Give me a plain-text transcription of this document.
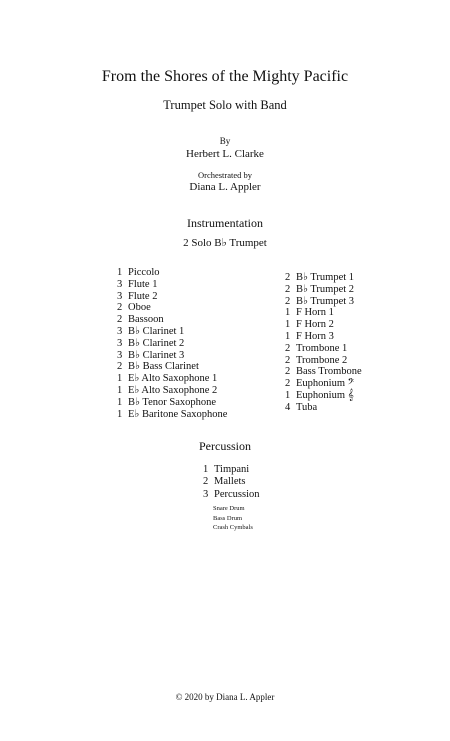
From the Shores of the Mighty Pacific
Trumpet Solo with Band
By
Herbert L. Clarke
Orchestrated by
Diana L. Appler
Instrumentation
2 Solo B♭ Trumpet
1 Piccolo
3 Flute 1
3 Flute 2
2 Oboe
2 Bassoon
3 B♭ Clarinet 1
3 B♭ Clarinet 2
3 B♭ Clarinet 3
2 B♭ Bass Clarinet
1 E♭ Alto Saxophone 1
1 E♭ Alto Saxophone 2
1 B♭ Tenor Saxophone
1 E♭ Baritone Saxophone
2 B♭ Trumpet 1
2 B♭ Trumpet 2
2 B♭ Trumpet 3
1 F Horn 1
1 F Horn 2
1 F Horn 3
2 Trombone 1
2 Trombone 2
2 Bass Trombone
2 Euphonium 𝄢
1 Euphonium 𝄞
4 Tuba
Percussion
1 Timpani
2 Mallets
3 Percussion
Snare Drum
Bass Drum
Crash Cymbals
© 2020 by Diana L. Appler
